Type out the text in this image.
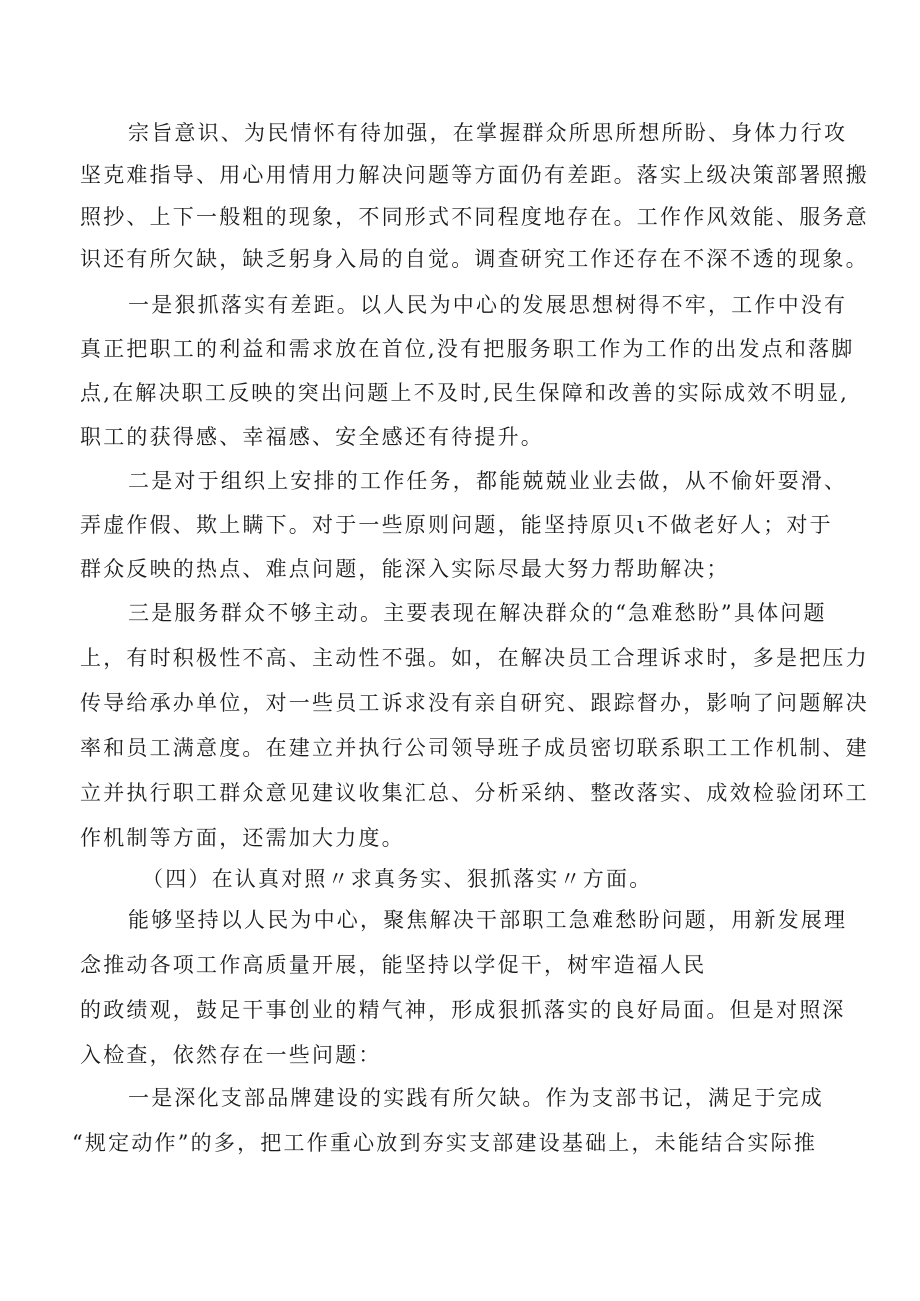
宗旨意识、为民情怀有待加强，在掌握群众所思所想所盼、身体力行攻
坚克难指导、用心用情用力解决问题等方面仍有差距。落实上级决策部署照搬
照抄、上下一般粗的现象，不同形式不同程度地存在。工作作风效能、服务意
识还有所欠缺，缺乏躬身入局的自觉。调查研究工作还存在不深不透的现象。
一是狠抓落实有差距。以人民为中心的发展思想树得不牢，工作中没有
真正把职工的利益和需求放在首位,没有把服务职工作为工作的出发点和落脚
点,在解决职工反映的突出问题上不及时,民生保障和改善的实际成效不明显,
职工的获得感、幸福感、安全感还有待提升。
二是对于组织上安排的工作任务，都能兢兢业业去做，从不偷奸耍滑、
弄虚作假、欺上瞒下。对于一些原则问题，能坚持原贝ι不做老好人；对于
群众反映的热点、难点问题，能深入实际尽最大努力帮助解决；
三是服务群众不够主动。主要表现在解决群众的“急难愁盼”具体问题
上，有时积极性不高、主动性不强。如，在解决员工合理诉求时，多是把压力
传导给承办单位，对一些员工诉求没有亲自研究、跟踪督办，影响了问题解决
率和员工满意度。在建立并执行公司领导班子成员密切联系职工工作机制、建
立并执行职工群众意见建议收集汇总、分析采纳、整改落实、成效检验闭环工
作机制等方面，还需加大力度。
（四）在认真对照〃求真务实、狠抓落实〃方面。
能够坚持以人民为中心，聚焦解决干部职工急难愁盼问题，用新发展理
念推动各项工作高质量开展，能坚持以学促干，树牢造福人民
的政绩观，鼓足干事创业的精气神，形成狠抓落实的良好局面。但是对照深
入检查，依然存在一些问题：
一是深化支部品牌建设的实践有所欠缺。作为支部书记，满足于完成
“规定动作”的多，把工作重心放到夯实支部建设基础上，未能结合实际推
